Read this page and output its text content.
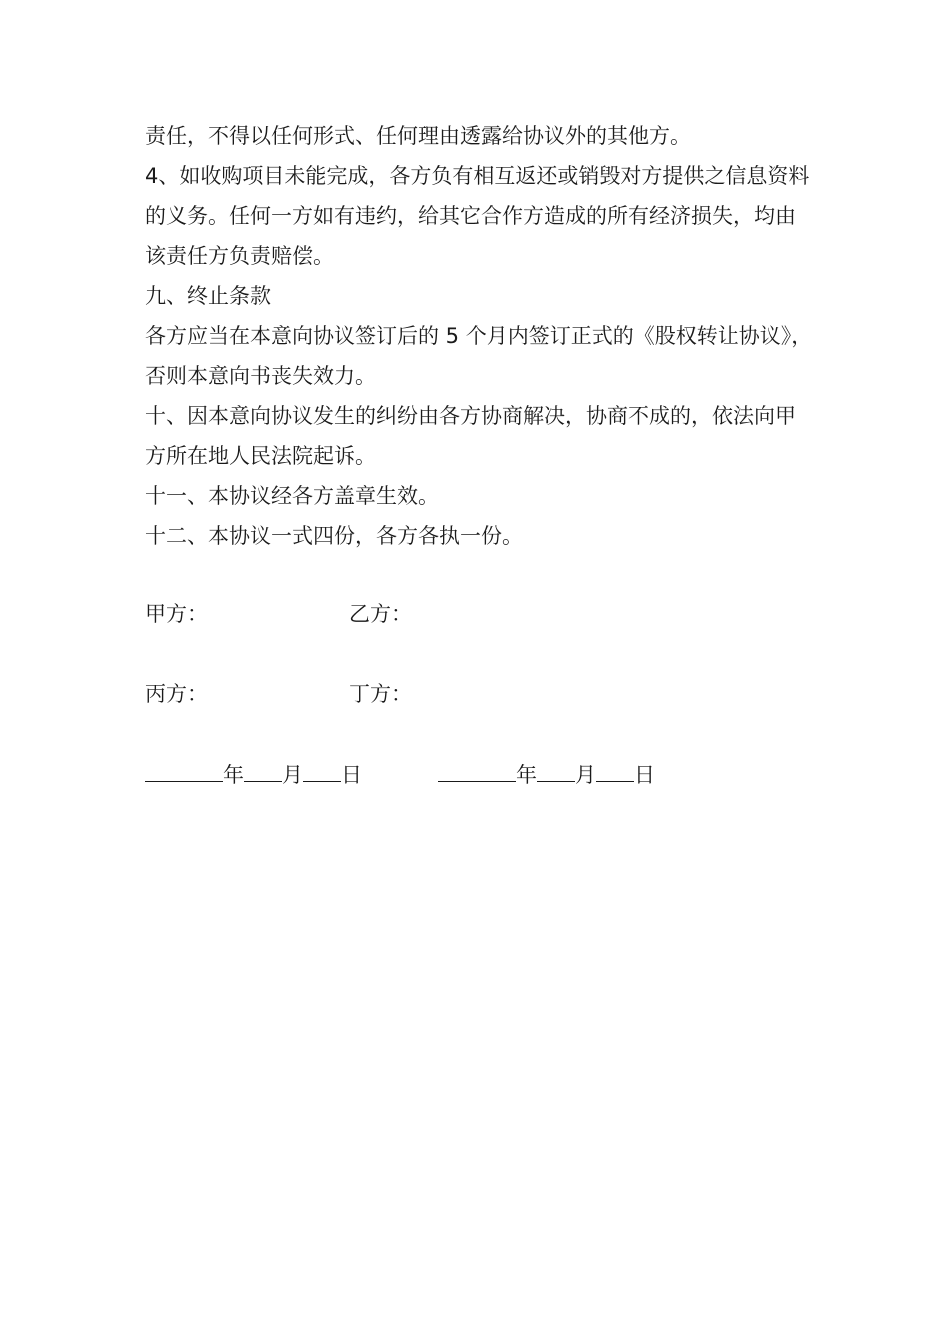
责任，不得以任何形式、任何理由透露给协议外的其他方。

4、如收购项目未能完成，各方负有相互返还或销毁对方提供之信息资料的义务。任何一方如有违约，给其它合作方造成的所有经济损失，均由该责任方负责赔偿。

九、终止条款

各方应当在本意向协议签订后的 5 个月内签订正式的《股权转让协议》，否则本意向书丧失效力。

十、因本意向协议发生的纠纷由各方协商解决，协商不成的，依法向甲方所在地人民法院起诉。

十一、本协议经各方盖章生效。

十二、本协议一式四份，各方各执一份。

甲方：	乙方：
丙方：	丁方：
年 月 日	年 月 日
